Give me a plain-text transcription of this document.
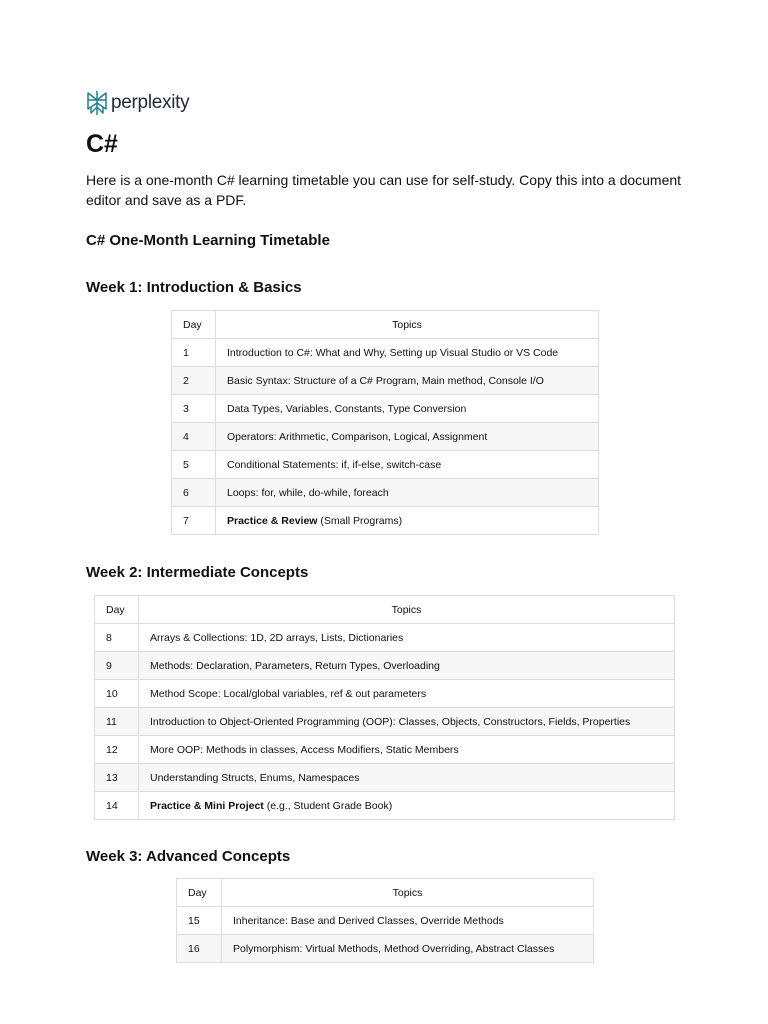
perplexity
C#

Here is a one-month C# learning timetable you can use for self-study. Copy this into a document editor and save as a PDF.

C# One-Month Learning Timetable
Week 1: Introduction & Basics
Day	Topics
1	Introduction to C#: What and Why, Setting up Visual Studio or VS Code
2	Basic Syntax: Structure of a C# Program, Main method, Console I/O
3	Data Types, Variables, Constants, Type Conversion
4	Operators: Arithmetic, Comparison, Logical, Assignment
5	Conditional Statements: if, if-else, switch-case
6	Loops: for, while, do-while, foreach
7	Practice & Review (Small Programs)
Week 2: Intermediate Concepts
Day	Topics
8	Arrays & Collections: 1D, 2D arrays, Lists, Dictionaries
9	Methods: Declaration, Parameters, Return Types, Overloading
10	Method Scope: Local/global variables, ref & out parameters
11	Introduction to Object-Oriented Programming (OOP): Classes, Objects, Constructors, Fields, Properties
12	More OOP: Methods in classes, Access Modifiers, Static Members
13	Understanding Structs, Enums, Namespaces
14	Practice & Mini Project (e.g., Student Grade Book)
Week 3: Advanced Concepts
Day	Topics
15	Inheritance: Base and Derived Classes, Override Methods
16	Polymorphism: Virtual Methods, Method Overriding, Abstract Classes
